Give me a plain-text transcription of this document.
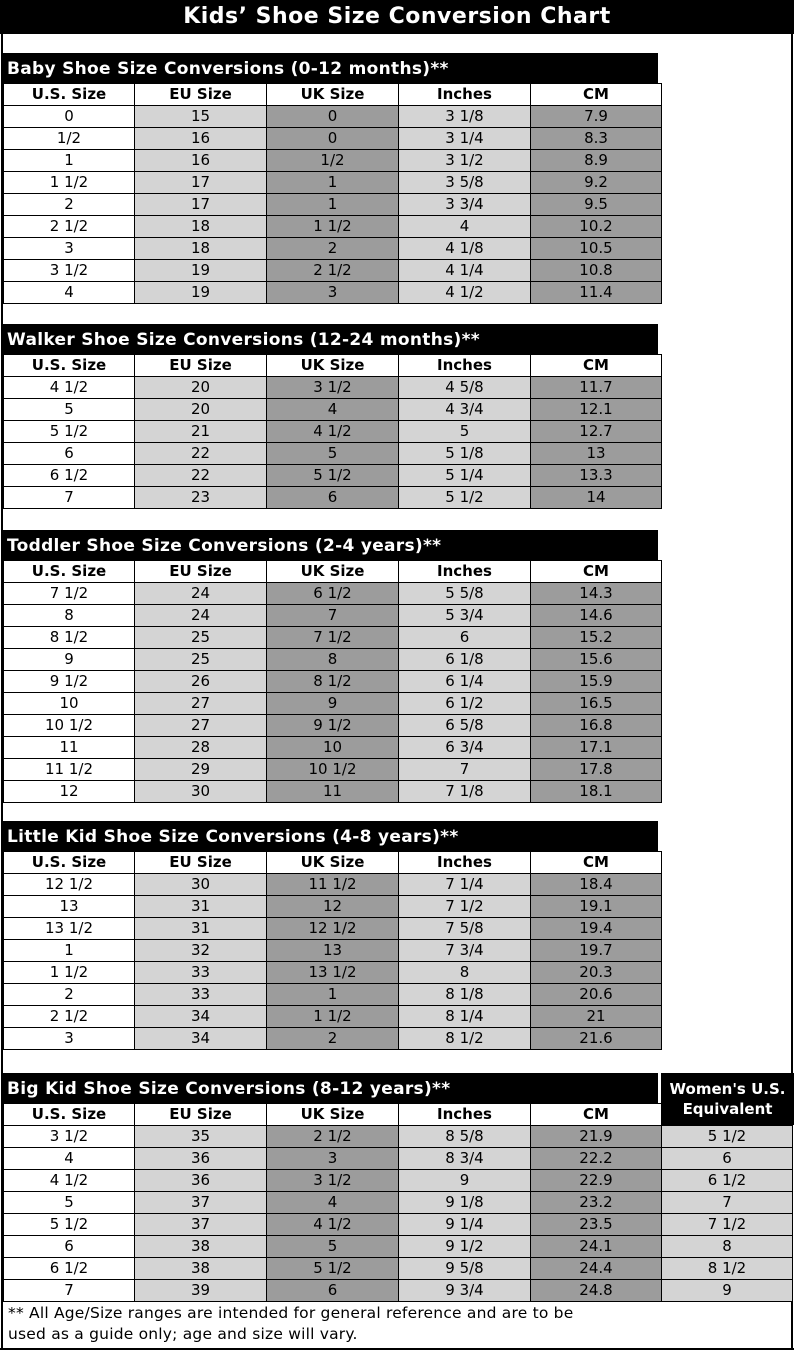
Kids’ Shoe Size Conversion Chart
Baby Shoe Size Conversions (0-12 months)**
U.S. Size	EU Size	UK Size	Inches	CM
0	15	0	3 1/8	7.9
1/2	16	0	3 1/4	8.3
1	16	1/2	3 1/2	8.9
1 1/2	17	1	3 5/8	9.2
2	17	1	3 3/4	9.5
2 1/2	18	1 1/2	4	10.2
3	18	2	4 1/8	10.5
3 1/2	19	2 1/2	4 1/4	10.8
4	19	3	4 1/2	11.4
Walker Shoe Size Conversions (12-24 months)**
U.S. Size	EU Size	UK Size	Inches	CM
4 1/2	20	3 1/2	4 5/8	11.7
5	20	4	4 3/4	12.1
5 1/2	21	4 1/2	5	12.7
6	22	5	5 1/8	13
6 1/2	22	5 1/2	5 1/4	13.3
7	23	6	5 1/2	14
Toddler Shoe Size Conversions (2-4 years)**
U.S. Size	EU Size	UK Size	Inches	CM
7 1/2	24	6 1/2	5 5/8	14.3
8	24	7	5 3/4	14.6
8 1/2	25	7 1/2	6	15.2
9	25	8	6 1/8	15.6
9 1/2	26	8 1/2	6 1/4	15.9
10	27	9	6 1/2	16.5
10 1/2	27	9 1/2	6 5/8	16.8
11	28	10	6 3/4	17.1
11 1/2	29	10 1/2	7	17.8
12	30	11	7 1/8	18.1
Little Kid Shoe Size Conversions (4-8 years)**
U.S. Size	EU Size	UK Size	Inches	CM
12 1/2	30	11 1/2	7 1/4	18.4
13	31	12	7 1/2	19.1
13 1/2	31	12 1/2	7 5/8	19.4
1	32	13	7 3/4	19.7
1 1/2	33	13 1/2	8	20.3
2	33	1	8 1/8	20.6
2 1/2	34	1 1/2	8 1/4	21
3	34	2	8 1/2	21.6
Big Kid Shoe Size Conversions (8-12 years)**	Women's U.S.
Equivalent
U.S. Size	EU Size	UK Size	Inches	CM	
3 1/2	35	2 1/2	8 5/8	21.9	5 1/2
4	36	3	8 3/4	22.2	6
4 1/2	36	3 1/2	9	22.9	6 1/2
5	37	4	9 1/8	23.2	7
5 1/2	37	4 1/2	9 1/4	23.5	7 1/2
6	38	5	9 1/2	24.1	8
6 1/2	38	5 1/2	9 5/8	24.4	8 1/2
7	39	6	9 3/4	24.8	9
** All Age/Size ranges are intended for general reference and are to be
used as a guide only; age and size will vary.
